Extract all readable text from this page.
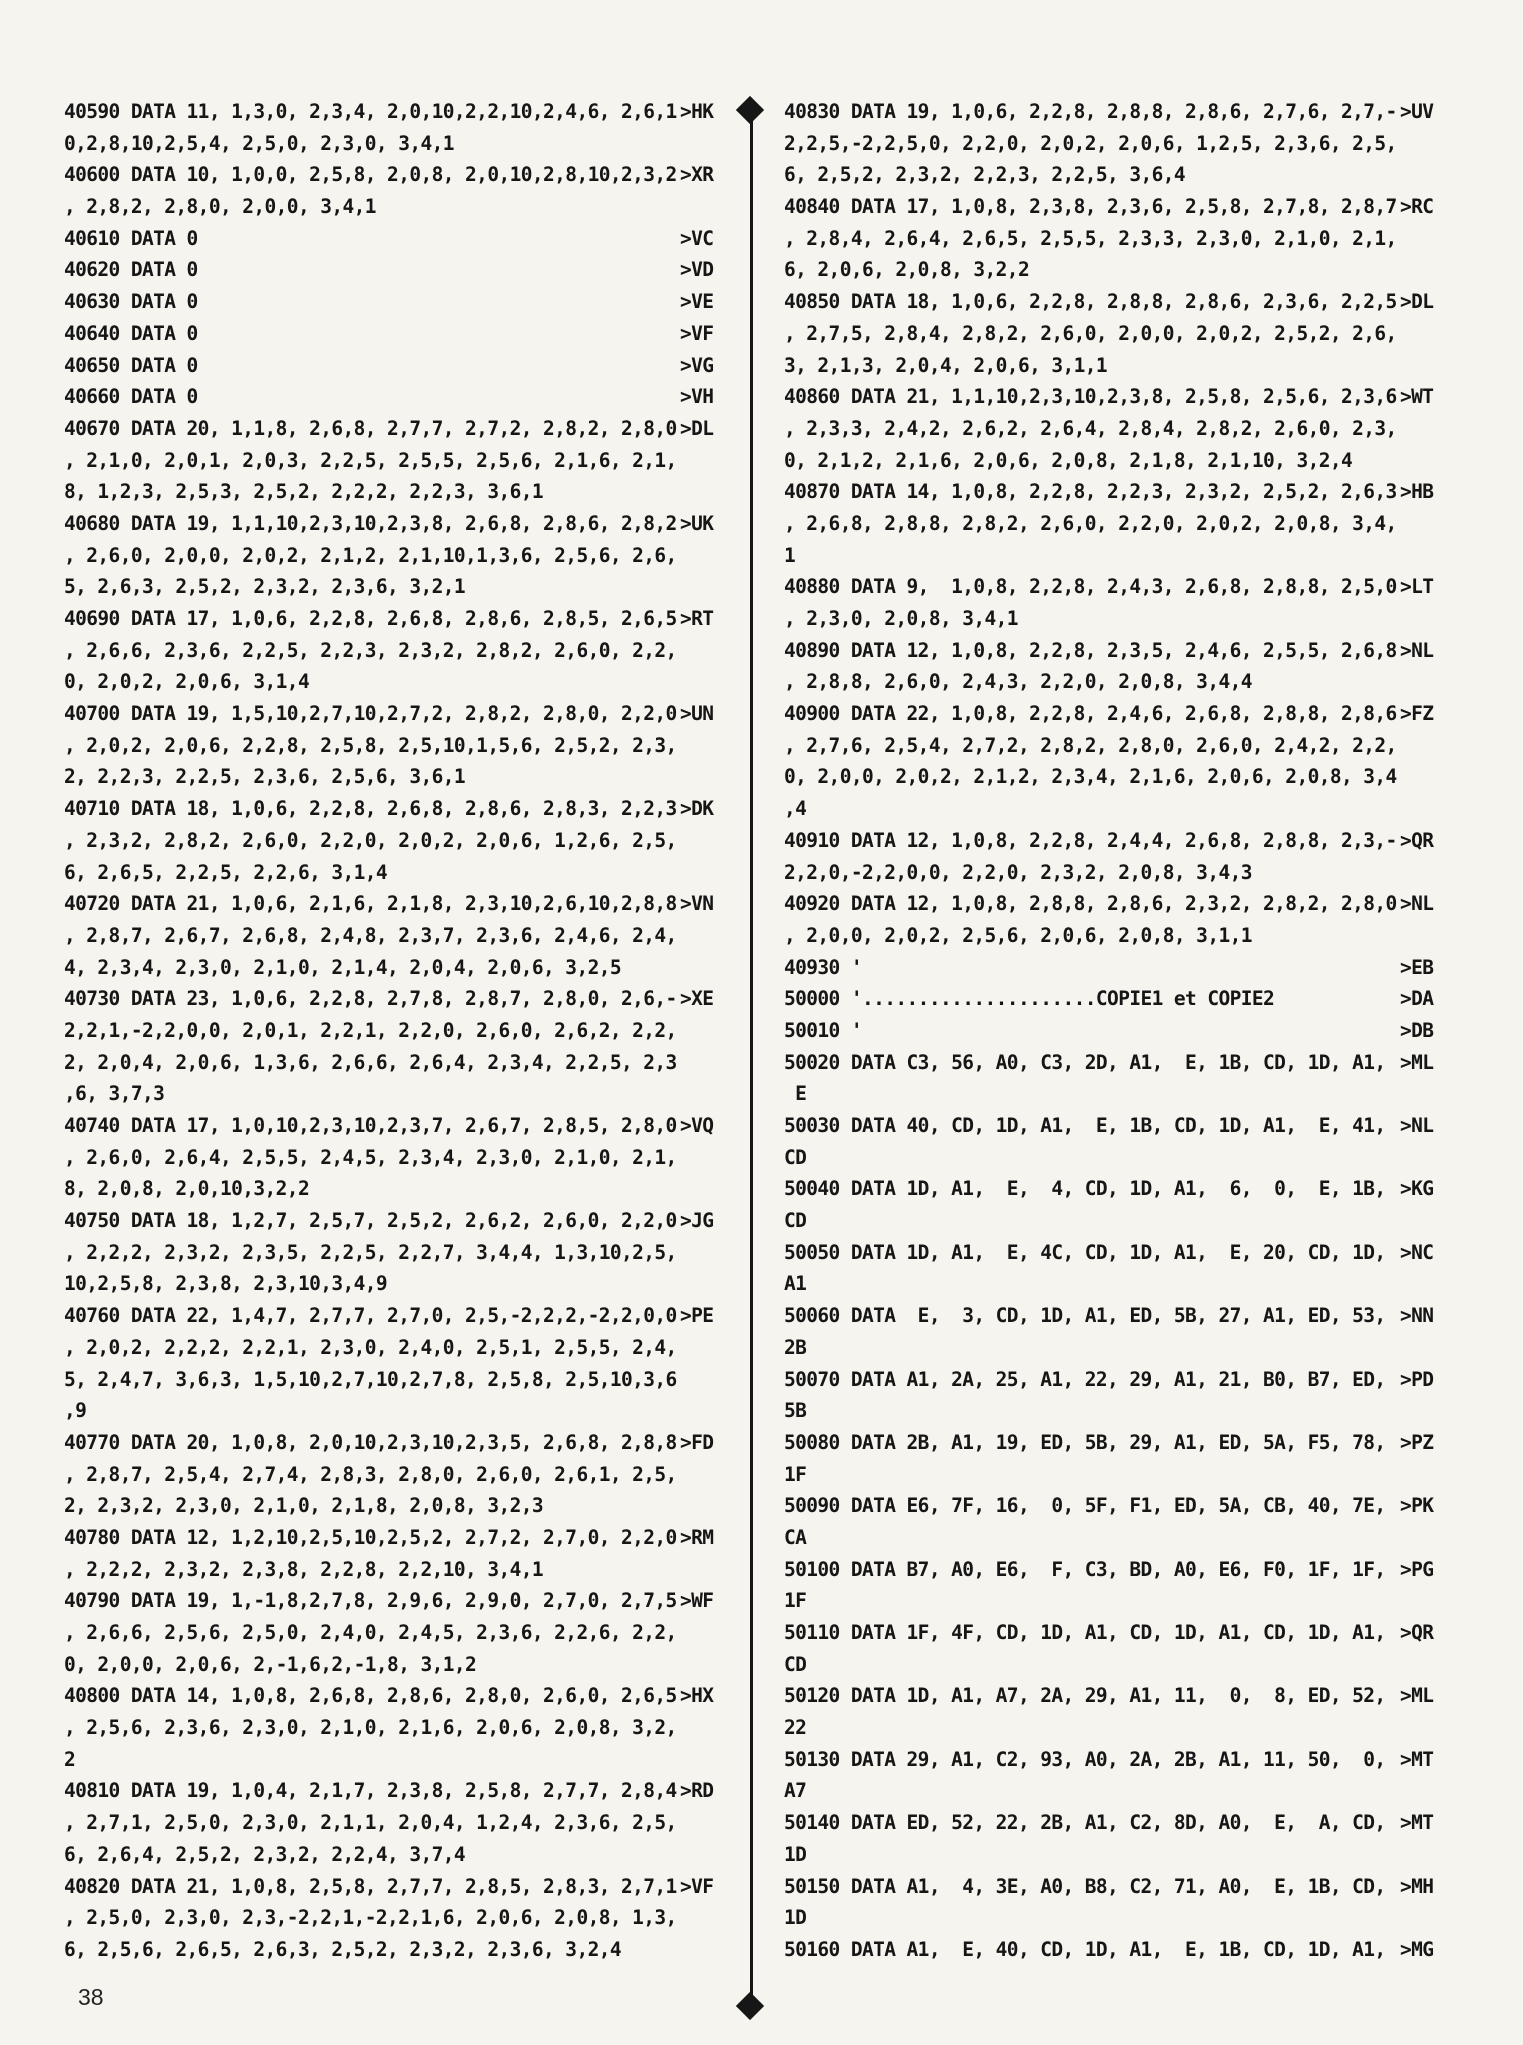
40590 DATA 11, 1,3,0, 2,3,4, 2,0,10,2,2,10,2,4,6, 2,6,1 >HK
0,2,8,10,2,5,4, 2,5,0, 2,3,0, 3,4,1
40600 DATA 10, 1,0,0, 2,5,8, 2,0,8, 2,0,10,2,8,10,2,3,2 >XR
, 2,8,2, 2,8,0, 2,0,0, 3,4,1
40610 DATA 0	>VC
40620 DATA 0	>VD
40630 DATA 0	>VE
40640 DATA 0	>VF
40650 DATA 0	>VG
40660 DATA 0	>VH
40670 DATA 20, 1,1,8, 2,6,8, 2,7,7, 2,7,2, 2,8,2, 2,8,0 >DL
, 2,1,0, 2,0,1, 2,0,3, 2,2,5, 2,5,5, 2,5,6, 2,1,6, 2,1,
8, 1,2,3, 2,5,3, 2,5,2, 2,2,2, 2,2,3, 3,6,1
40680 DATA 19, 1,1,10,2,3,10,2,3,8, 2,6,8, 2,8,6, 2,8,2 >UK
, 2,6,0, 2,0,0, 2,0,2, 2,1,2, 2,1,10,1,3,6, 2,5,6, 2,6,
5, 2,6,3, 2,5,2, 2,3,2, 2,3,6, 3,2,1
40690 DATA 17, 1,0,6, 2,2,8, 2,6,8, 2,8,6, 2,8,5, 2,6,5 >RT
, 2,6,6, 2,3,6, 2,2,5, 2,2,3, 2,3,2, 2,8,2, 2,6,0, 2,2,
0, 2,0,2, 2,0,6, 3,1,4
40700 DATA 19, 1,5,10,2,7,10,2,7,2, 2,8,2, 2,8,0, 2,2,0 >UN
, 2,0,2, 2,0,6, 2,2,8, 2,5,8, 2,5,10,1,5,6, 2,5,2, 2,3,
2, 2,2,3, 2,2,5, 2,3,6, 2,5,6, 3,6,1
40710 DATA 18, 1,0,6, 2,2,8, 2,6,8, 2,8,6, 2,8,3, 2,2,3 >DK
, 2,3,2, 2,8,2, 2,6,0, 2,2,0, 2,0,2, 2,0,6, 1,2,6, 2,5,
6, 2,6,5, 2,2,5, 2,2,6, 3,1,4
40720 DATA 21, 1,0,6, 2,1,6, 2,1,8, 2,3,10,2,6,10,2,8,8 >VN
, 2,8,7, 2,6,7, 2,6,8, 2,4,8, 2,3,7, 2,3,6, 2,4,6, 2,4,
4, 2,3,4, 2,3,0, 2,1,0, 2,1,4, 2,0,4, 2,0,6, 3,2,5
40730 DATA 23, 1,0,6, 2,2,8, 2,7,8, 2,8,7, 2,8,0, 2,6,- >XE
2,2,1,-2,2,0,0, 2,0,1, 2,2,1, 2,2,0, 2,6,0, 2,6,2, 2,2,
2, 2,0,4, 2,0,6, 1,3,6, 2,6,6, 2,6,4, 2,3,4, 2,2,5, 2,3
,6, 3,7,3
40740 DATA 17, 1,0,10,2,3,10,2,3,7, 2,6,7, 2,8,5, 2,8,0 >VQ
, 2,6,0, 2,6,4, 2,5,5, 2,4,5, 2,3,4, 2,3,0, 2,1,0, 2,1,
8, 2,0,8, 2,0,10,3,2,2
40750 DATA 18, 1,2,7, 2,5,7, 2,5,2, 2,6,2, 2,6,0, 2,2,0 >JG
, 2,2,2, 2,3,2, 2,3,5, 2,2,5, 2,2,7, 3,4,4, 1,3,10,2,5,
10,2,5,8, 2,3,8, 2,3,10,3,4,9
40760 DATA 22, 1,4,7, 2,7,7, 2,7,0, 2,5,-2,2,2,-2,2,0,0 >PE
, 2,0,2, 2,2,2, 2,2,1, 2,3,0, 2,4,0, 2,5,1, 2,5,5, 2,4,
5, 2,4,7, 3,6,3, 1,5,10,2,7,10,2,7,8, 2,5,8, 2,5,10,3,6
,9
40770 DATA 20, 1,0,8, 2,0,10,2,3,10,2,3,5, 2,6,8, 2,8,8 >FD
, 2,8,7, 2,5,4, 2,7,4, 2,8,3, 2,8,0, 2,6,0, 2,6,1, 2,5,
2, 2,3,2, 2,3,0, 2,1,0, 2,1,8, 2,0,8, 3,2,3
40780 DATA 12, 1,2,10,2,5,10,2,5,2, 2,7,2, 2,7,0, 2,2,0 >RM
, 2,2,2, 2,3,2, 2,3,8, 2,2,8, 2,2,10, 3,4,1
40790 DATA 19, 1,-1,8,2,7,8, 2,9,6, 2,9,0, 2,7,0, 2,7,5 >WF
, 2,6,6, 2,5,6, 2,5,0, 2,4,0, 2,4,5, 2,3,6, 2,2,6, 2,2,
0, 2,0,0, 2,0,6, 2,-1,6,2,-1,8, 3,1,2
40800 DATA 14, 1,0,8, 2,6,8, 2,8,6, 2,8,0, 2,6,0, 2,6,5 >HX
, 2,5,6, 2,3,6, 2,3,0, 2,1,0, 2,1,6, 2,0,6, 2,0,8, 3,2,
2
40810 DATA 19, 1,0,4, 2,1,7, 2,3,8, 2,5,8, 2,7,7, 2,8,4 >RD
, 2,7,1, 2,5,0, 2,3,0, 2,1,1, 2,0,4, 1,2,4, 2,3,6, 2,5,
6, 2,6,4, 2,5,2, 2,3,2, 2,2,4, 3,7,4
40820 DATA 21, 1,0,8, 2,5,8, 2,7,7, 2,8,5, 2,8,3, 2,7,1 >VF
, 2,5,0, 2,3,0, 2,3,-2,2,1,-2,2,1,6, 2,0,6, 2,0,8, 1,3,
6, 2,5,6, 2,6,5, 2,6,3, 2,5,2, 2,3,2, 2,3,6, 3,2,4
40830 DATA 19, 1,0,6, 2,2,8, 2,8,8, 2,8,6, 2,7,6, 2,7,- >UV
2,2,5,-2,2,5,0, 2,2,0, 2,0,2, 2,0,6, 1,2,5, 2,3,6, 2,5,
6, 2,5,2, 2,3,2, 2,2,3, 2,2,5, 3,6,4
40840 DATA 17, 1,0,8, 2,3,8, 2,3,6, 2,5,8, 2,7,8, 2,8,7 >RC
, 2,8,4, 2,6,4, 2,6,5, 2,5,5, 2,3,3, 2,3,0, 2,1,0, 2,1,
6, 2,0,6, 2,0,8, 3,2,2
40850 DATA 18, 1,0,6, 2,2,8, 2,8,8, 2,8,6, 2,3,6, 2,2,5 >DL
, 2,7,5, 2,8,4, 2,8,2, 2,6,0, 2,0,0, 2,0,2, 2,5,2, 2,6,
3, 2,1,3, 2,0,4, 2,0,6, 3,1,1
40860 DATA 21, 1,1,10,2,3,10,2,3,8, 2,5,8, 2,5,6, 2,3,6 >WT
, 2,3,3, 2,4,2, 2,6,2, 2,6,4, 2,8,4, 2,8,2, 2,6,0, 2,3,
0, 2,1,2, 2,1,6, 2,0,6, 2,0,8, 2,1,8, 2,1,10, 3,2,4
40870 DATA 14, 1,0,8, 2,2,8, 2,2,3, 2,3,2, 2,5,2, 2,6,3 >HB
, 2,6,8, 2,8,8, 2,8,2, 2,6,0, 2,2,0, 2,0,2, 2,0,8, 3,4,
1
40880 DATA 9,  1,0,8, 2,2,8, 2,4,3, 2,6,8, 2,8,8, 2,5,0 >LT
, 2,3,0, 2,0,8, 3,4,1
40890 DATA 12, 1,0,8, 2,2,8, 2,3,5, 2,4,6, 2,5,5, 2,6,8 >NL
, 2,8,8, 2,6,0, 2,4,3, 2,2,0, 2,0,8, 3,4,4
40900 DATA 22, 1,0,8, 2,2,8, 2,4,6, 2,6,8, 2,8,8, 2,8,6 >FZ
, 2,7,6, 2,5,4, 2,7,2, 2,8,2, 2,8,0, 2,6,0, 2,4,2, 2,2,
0, 2,0,0, 2,0,2, 2,1,2, 2,3,4, 2,1,6, 2,0,6, 2,0,8, 3,4
,4
40910 DATA 12, 1,0,8, 2,2,8, 2,4,4, 2,6,8, 2,8,8, 2,3,- >QR
2,2,0,-2,2,0,0, 2,2,0, 2,3,2, 2,0,8, 3,4,3
40920 DATA 12, 1,0,8, 2,8,8, 2,8,6, 2,3,2, 2,8,2, 2,8,0 >NL
, 2,0,0, 2,0,2, 2,5,6, 2,0,6, 2,0,8, 3,1,1
40930 '	>EB
50000 '.....................COPIE1 et COPIE2	>DA
50010 '	>DB
50020 DATA C3, 56, A0, C3, 2D, A1,  E, 1B, CD, 1D, A1, >ML
E
50030 DATA 40, CD, 1D, A1,  E, 1B, CD, 1D, A1,  E, 41, >NL
CD
50040 DATA 1D, A1,  E,  4, CD, 1D, A1,  6,  0,  E, 1B, >KG
CD
50050 DATA 1D, A1,  E, 4C, CD, 1D, A1,  E, 20, CD, 1D, >NC
A1
50060 DATA  E,  3, CD, 1D, A1, ED, 5B, 27, A1, ED, 53, >NN
2B
50070 DATA A1, 2A, 25, A1, 22, 29, A1, 21, B0, B7, ED, >PD
5B
50080 DATA 2B, A1, 19, ED, 5B, 29, A1, ED, 5A, F5, 78, >PZ
1F
50090 DATA E6, 7F, 16,  0, 5F, F1, ED, 5A, CB, 40, 7E, >PK
CA
50100 DATA B7, A0, E6,  F, C3, BD, A0, E6, F0, 1F, 1F, >PG
1F
50110 DATA 1F, 4F, CD, 1D, A1, CD, 1D, A1, CD, 1D, A1, >QR
CD
50120 DATA 1D, A1, A7, 2A, 29, A1, 11,  0,  8, ED, 52, >ML
22
50130 DATA 29, A1, C2, 93, A0, 2A, 2B, A1, 11, 50,  0, >MT
A7
50140 DATA ED, 52, 22, 2B, A1, C2, 8D, A0,  E,  A, CD, >MT
1D
50150 DATA A1,  4, 3E, A0, B8, C2, 71, A0,  E, 1B, CD, >MH
1D
50160 DATA A1,  E, 40, CD, 1D, A1,  E, 1B, CD, 1D, A1, >MG
38
